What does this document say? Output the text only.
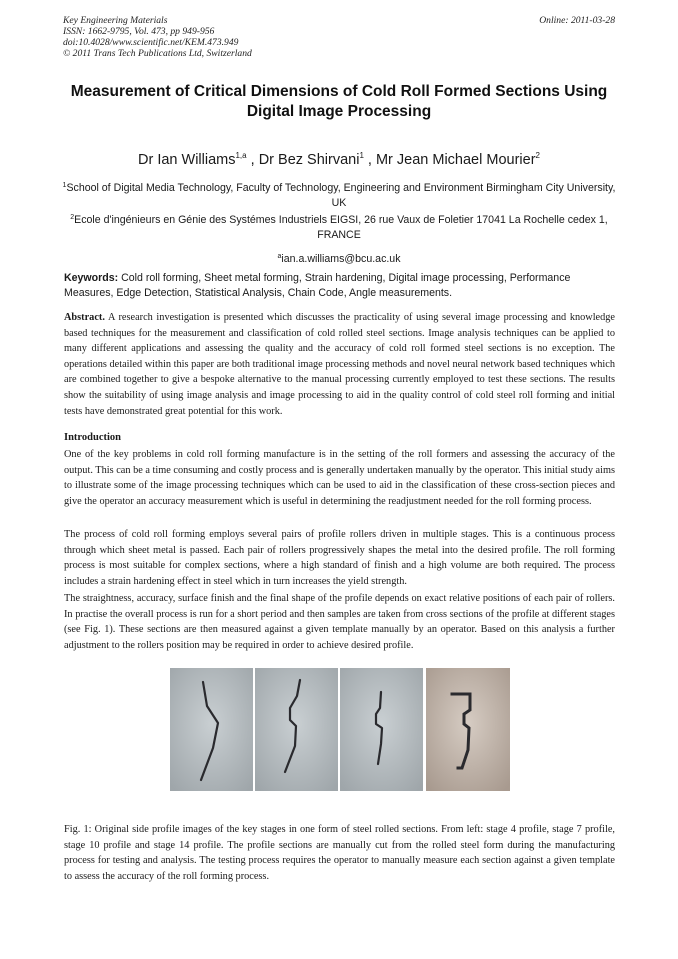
Key Engineering Materials
ISSN: 1662-9795, Vol. 473, pp 949-956
doi:10.4028/www.scientific.net/KEM.473.949
© 2011 Trans Tech Publications Ltd, Switzerland
Online: 2011-03-28
Measurement of Critical Dimensions of Cold Roll Formed Sections Using Digital Image Processing
Dr Ian Williams$^{1,a}$ , Dr Bez Shirvani$^1$ , Mr Jean Michael Mourier$^2$
$^1$School of Digital Media Technology, Faculty of Technology, Engineering and Environment Birmingham City University, UK
$^2$Ecole d'ingénieurs en Génie des Systémes Industriels EIGSI, 26 rue Vaux de Foletier 17041 La Rochelle cedex 1, FRANCE
$^a$ian.a.williams@bcu.ac.uk
Keywords: Cold roll forming, Sheet metal forming, Strain hardening, Digital image processing, Performance Measures, Edge Detection, Statistical Analysis, Chain Code, Angle measurements.
Abstract. A research investigation is presented which discusses the practicality of using several image processing and knowledge based techniques for the measurement and classification of cold rolled steel sections. Image analysis techniques can be applied to many different applications and assessing the quality and the accuracy of cold roll formed steel sections is no exception. The operations detailed within this paper are both traditional image processing methods and novel neural network based techniques which are combined together to give a bespoke alternative to the manual processing currently employed to test these sections. The results show the suitability of using image analysis and image processing to aid in the quality control of cold steel roll forming and initial tests have demonstrated great potential for this work.
Introduction
One of the key problems in cold roll forming manufacture is in the setting of the roll formers and assessing the accuracy of the output. This can be a time consuming and costly process and is generally undertaken manually by the operator. This initial study aims to illustrate some of the image processing techniques which can be used to aid in the classification of these cross-section pieces and give the operator an accuracy measurement which is useful in determining the readjustment needed for the roll forming process.
The process of cold roll forming employs several pairs of profile rollers driven in multiple stages. This is a continuous process through which sheet metal is passed. Each pair of rollers progressively shapes the metal into the desired profile. The roll forming process is most suitable for complex sections, where a high standard of finish and a high volume are both required. The process includes a strain hardening effect in steel which in turn increases the yield strength.
The straightness, accuracy, surface finish and the final shape of the profile depends on exact relative positions of each pair of rollers. In practise the overall process is run for a short period and then samples are taken from cross sections of the profile at different stages (see Fig. 1). These sections are then measured against a given template manually by an operator. Based on this analysis a further adjustment to the rollers position may be required in order to achieve desired profile.
Fig. 1: Original side profile images of the key stages in one form of steel rolled sections. From left: stage 4 profile, stage 7 profile, stage 10 profile and stage 14 profile. The profile sections are manually cut from the rolled steel form during the manufacturing process for testing and analysis. The testing process requires the operator to manually measure each section against a given template to assess the accuracy of the roll forming process.
